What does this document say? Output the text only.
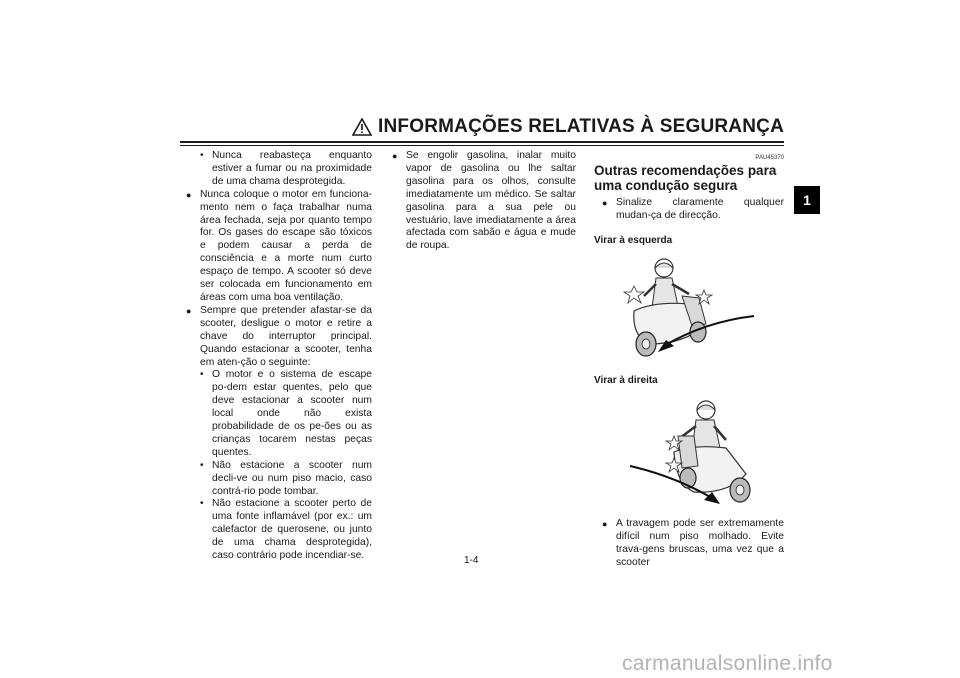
INFORMAÇÕES RELATIVAS À SEGURANÇA
1
• Nunca reabasteça enquanto estiver a fumar ou na proximidade de uma chama desprotegida.
● Nunca coloque o motor em funciona-mento nem o faça trabalhar numa área fechada, seja por quanto tempo for. Os gases do escape são tóxicos e podem causar a perda de consciência e a morte num curto espaço de tempo. A scooter só deve ser colocada em funcionamento em áreas com uma boa ventilação.
● Sempre que pretender afastar-se da scooter, desligue o motor e retire a chave do interruptor principal. Quando estacionar a scooter, tenha em aten-ção o seguinte:
• O motor e o sistema de escape po-dem estar quentes, pelo que deve estacionar a scooter num local onde não exista probabilidade de os pe-ões ou as crianças tocarem nestas peças quentes.
• Não estacione a scooter num decli-ve ou num piso macio, caso contrá-rio pode tombar.
• Não estacione a scooter perto de uma fonte inflamável (por ex.: um calefactor de querosene, ou junto de uma chama desprotegida), caso contrário pode incendiar-se.
● Se engolir gasolina, inalar muito vapor de gasolina ou lhe saltar gasolina para os olhos, consulte imediatamente um médico. Se saltar gasolina para a sua pele ou vestuário, lave imediatamente a área afectada com sabão e água e mude de roupa.
PAU45370
Outras recomendações para uma condução segura
● Sinalize claramente qualquer mudan-ça de direcção.
Virar à esquerda
Virar à direita
● A travagem pode ser extremamente difícil num piso molhado. Evite trava-gens bruscas, uma vez que a scooter
1-4
carmanualsonline.info
